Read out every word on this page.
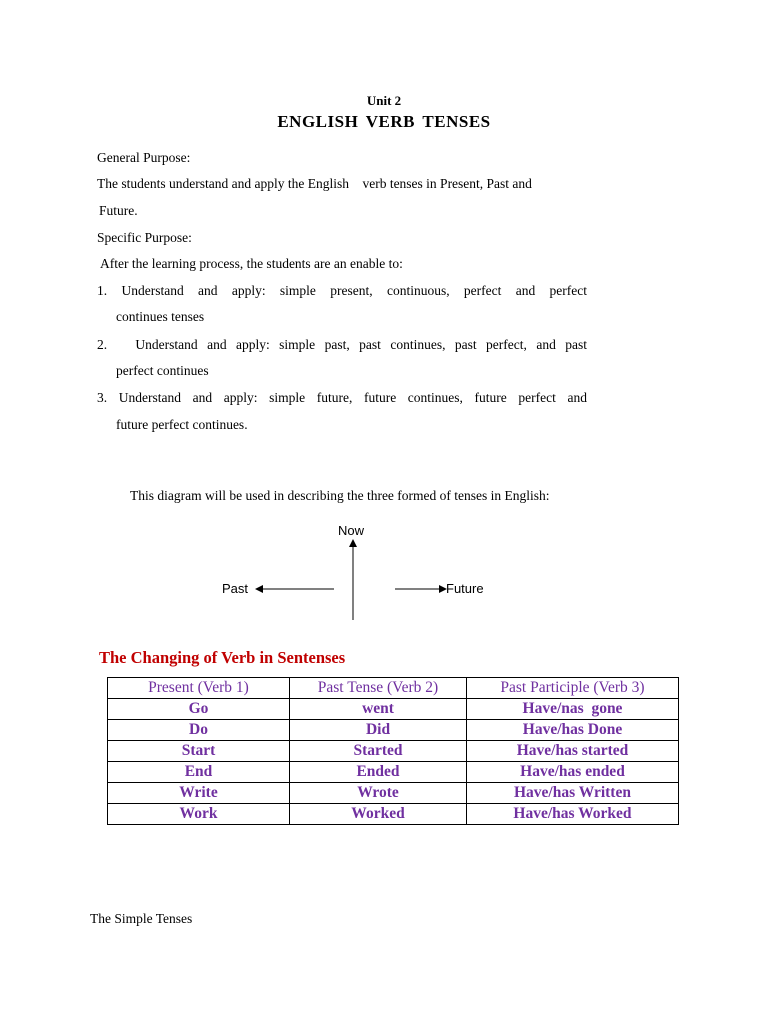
Unit 2
ENGLISH VERB TENSES
General Purpose:
The students understand and apply the English    verb tenses in Present, Past and
Future.
Specific Purpose:
After the learning process, the students are an enable to:
1. Understand and apply: simple present, continuous, perfect and perfect
continues tenses
2.   Understand and apply: simple past, past continues, past perfect, and past
perfect continues
3. Understand and apply: simple future, future continues, future perfect and
future perfect continues.
This diagram will be used in describing the three formed of tenses in English:
Now
Past	Future
The Changing of Verb in Sentenses
Present (Verb 1)	Past Tense (Verb 2)	Past Participle (Verb 3)
Go	went	Have/nas  gone
Do	Did	Have/has Done
Start	Started	Have/has started
End	Ended	Have/has ended
Write	Wrote	Have/has Written
Work	Worked	Have/has Worked
The Simple Tenses
